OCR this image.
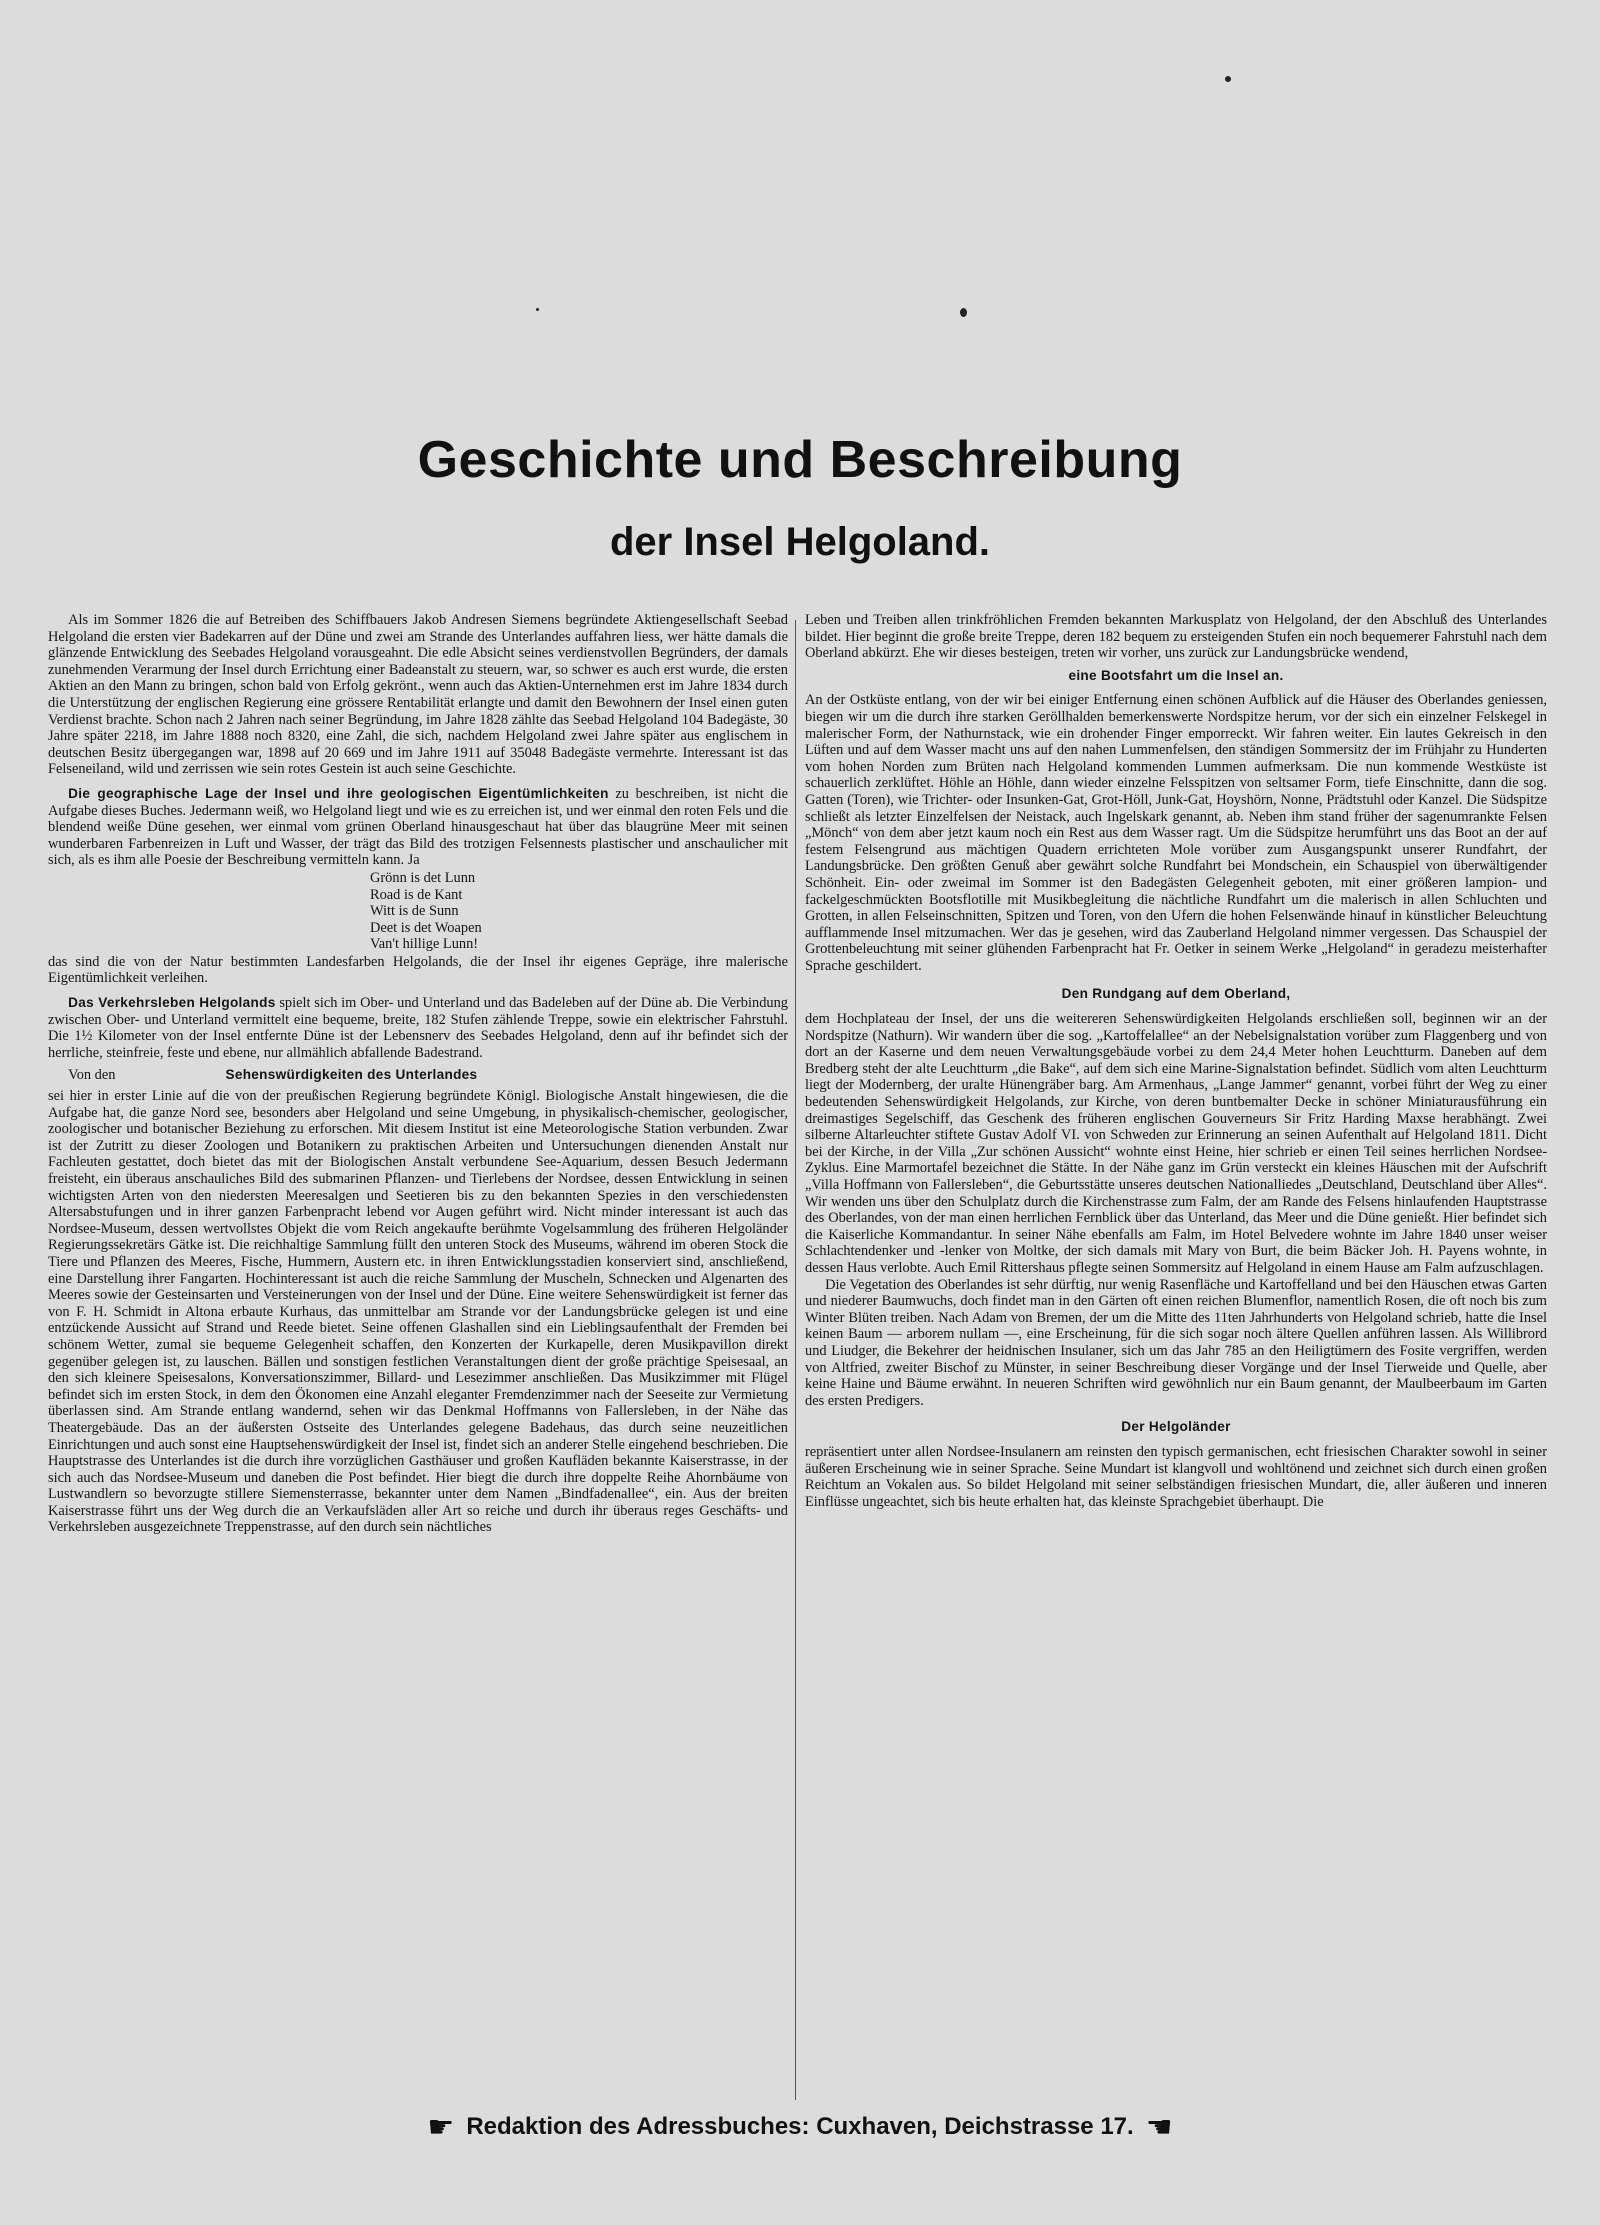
Geschichte und Beschreibung
der Insel Helgoland.

Als im Sommer 1826 die auf Betreiben des Schiffbauers Jakob Andresen Siemens begründete Aktiengesellschaft Seebad Helgoland die ersten vier Badekarren auf der Düne und zwei am Strande des Unterlandes auffahren liess, wer hätte damals die glänzende Entwicklung des Seebades Helgoland vorausgeahnt. Die edle Absicht seines verdienstvollen Begründers, der damals zunehmenden Verarmung der Insel durch Errichtung einer Badeanstalt zu steuern, war, so schwer es auch erst wurde, die ersten Aktien an den Mann zu bringen, schon bald von Erfolg gekrönt., wenn auch das Aktien-Unternehmen erst im Jahre 1834 durch die Unterstützung der englischen Regierung eine grössere Rentabilität erlangte und damit den Bewohnern der Insel einen guten Verdienst brachte. Schon nach 2 Jahren nach seiner Begründung, im Jahre 1828 zählte das Seebad Helgoland 104 Badegäste, 30 Jahre später 2218, im Jahre 1888 noch 8320, eine Zahl, die sich, nachdem Helgoland zwei Jahre später aus englischem in deutschen Besitz übergegangen war, 1898 auf 20 669 und im Jahre 1911 auf 35048 Badegäste vermehrte. Interessant ist das Felseneiland, wild und zerrissen wie sein rotes Gestein ist auch seine Geschichte.

Die geographische Lage der Insel und ihre geologischen Eigentümlichkeiten zu beschreiben, ist nicht die Aufgabe dieses Buches. Jedermann weiß, wo Helgoland liegt und wie es zu erreichen ist, und wer einmal den roten Fels und die blendend weiße Düne gesehen, wer einmal vom grünen Oberland hinausgeschaut hat über das blaugrüne Meer mit seinen wunderbaren Farbenreizen in Luft und Wasser, der trägt das Bild des trotzigen Felsennests plastischer und anschaulicher mit sich, als es ihm alle Poesie der Beschreibung vermitteln kann. Ja

Grönn is det Lunn
Road is de Kant
Witt is de Sunn
Deet is det Woapen
Van't hillige Lunn!

das sind die von der Natur bestimmten Landesfarben Helgolands, die der Insel ihr eigenes Gepräge, ihre malerische Eigentümlichkeit verleihen.

Das Verkehrsleben Helgolands spielt sich im Ober- und Unterland und das Badeleben auf der Düne ab. Die Verbindung zwischen Ober- und Unterland vermittelt eine bequeme, breite, 182 Stufen zählende Treppe, sowie ein elektrischer Fahrstuhl. Die 1½ Kilometer von der Insel entfernte Düne ist der Lebensnerv des Seebades Helgoland, denn auf ihr befindet sich der herrliche, steinfreie, feste und ebene, nur allmählich abfallende Badestrand.

Von den	Sehenswürdigkeiten des Unterlandes

sei hier in erster Linie auf die von der preußischen Regierung begründete Königl. Biologische Anstalt hingewiesen, die die Aufgabe hat, die ganze Nord see, besonders aber Helgoland und seine Umgebung, in physikalisch-chemischer, geologischer, zoologischer und botanischer Beziehung zu erforschen. Mit diesem Institut ist eine Meteorologische Station verbunden. Zwar ist der Zutritt zu dieser Zoologen und Botanikern zu praktischen Arbeiten und Untersuchungen dienenden Anstalt nur Fachleuten gestattet, doch bietet das mit der Biologischen Anstalt verbundene See-Aquarium, dessen Besuch Jedermann freisteht, ein überaus anschauliches Bild des submarinen Pflanzen- und Tierlebens der Nordsee, dessen Entwicklung in seinen wichtigsten Arten von den niedersten Meeresalgen und Seetieren bis zu den bekannten Spezies in den verschiedensten Altersabstufungen und in ihrer ganzen Farbenpracht lebend vor Augen geführt wird. Nicht minder interessant ist auch das Nordsee-Museum, dessen wertvollstes Objekt die vom Reich angekaufte berühmte Vogelsammlung des früheren Helgoländer Regierungssekretärs Gätke ist. Die reichhaltige Sammlung füllt den unteren Stock des Museums, während im oberen Stock die Tiere und Pflanzen des Meeres, Fische, Hummern, Austern etc. in ihren Entwicklungsstadien konserviert sind, anschließend, eine Darstellung ihrer Fangarten. Hochinteressant ist auch die reiche Sammlung der Muscheln, Schnecken und Algenarten des Meeres sowie der Gesteinsarten und Versteinerungen von der Insel und der Düne. Eine weitere Sehenswürdigkeit ist ferner das von F. H. Schmidt in Altona erbaute Kurhaus, das unmittelbar am Strande vor der Landungsbrücke gelegen ist und eine entzückende Aussicht auf Strand und Reede bietet. Seine offenen Glashallen sind ein Lieblingsaufenthalt der Fremden bei schönem Wetter, zumal sie bequeme Gelegenheit schaffen, den Konzerten der Kurkapelle, deren Musikpavillon direkt gegenüber gelegen ist, zu lauschen. Bällen und sonstigen festlichen Veranstaltungen dient der große prächtige Speisesaal, an den sich kleinere Speisesalons, Konversationszimmer, Billard- und Lesezimmer anschließen. Das Musikzimmer mit Flügel befindet sich im ersten Stock, in dem den Ökonomen eine Anzahl eleganter Fremdenzimmer nach der Seeseite zur Vermietung überlassen sind. Am Strande entlang wandernd, sehen wir das Denkmal Hoffmanns von Fallersleben, in der Nähe das Theatergebäude. Das an der äußersten Ostseite des Unterlandes gelegene Badehaus, das durch seine neuzeitlichen Einrichtungen und auch sonst eine Hauptsehenswürdigkeit der Insel ist, findet sich an anderer Stelle eingehend beschrieben. Die Hauptstrasse des Unterlandes ist die durch ihre vorzüglichen Gasthäuser und großen Kaufläden bekannte Kaiserstrasse, in der sich auch das Nordsee-Museum und daneben die Post befindet. Hier biegt die durch ihre doppelte Reihe Ahornbäume von Lustwandlern so bevorzugte stillere Siemensterrasse, bekannter unter dem Namen „Bindfadenallee“, ein. Aus der breiten Kaiserstrasse führt uns der Weg durch die an Verkaufsläden aller Art so reiche und durch ihr überaus reges Geschäfts- und Verkehrsleben ausgezeichnete Treppenstrasse, auf den durch sein nächtliches

Leben und Treiben allen trinkfröhlichen Fremden bekannten Markusplatz von Helgoland, der den Abschluß des Unterlandes bildet. Hier beginnt die große breite Treppe, deren 182 bequem zu ersteigenden Stufen ein noch bequemerer Fahrstuhl nach dem Oberland abkürzt. Ehe wir dieses besteigen, treten wir vorher, uns zurück zur Landungsbrücke wendend,

eine Bootsfahrt um die Insel an.

An der Ostküste entlang, von der wir bei einiger Entfernung einen schönen Aufblick auf die Häuser des Oberlandes geniessen, biegen wir um die durch ihre starken Geröllhalden bemerkenswerte Nordspitze herum, vor der sich ein einzelner Felskegel in malerischer Form, der Nathurnstack, wie ein drohender Finger emporreckt. Wir fahren weiter. Ein lautes Gekreisch in den Lüften und auf dem Wasser macht uns auf den nahen Lummenfelsen, den ständigen Sommersitz der im Frühjahr zu Hunderten vom hohen Norden zum Brüten nach Helgoland kommenden Lummen aufmerksam. Die nun kommende Westküste ist schauerlich zerklüftet. Höhle an Höhle, dann wieder einzelne Felsspitzen von seltsamer Form, tiefe Einschnitte, dann die sog. Gatten (Toren), wie Trichter- oder Insunken-Gat, Grot-Höll, Junk-Gat, Hoyshörn, Nonne, Prädtstuhl oder Kanzel. Die Südspitze schließt als letzter Einzelfelsen der Neistack, auch Ingelskark genannt, ab. Neben ihm stand früher der sagenumrankte Felsen „Mönch“ von dem aber jetzt kaum noch ein Rest aus dem Wasser ragt. Um die Südspitze herumführt uns das Boot an der auf festem Felsengrund aus mächtigen Quadern errichteten Mole vorüber zum Ausgangspunkt unserer Rundfahrt, der Landungsbrücke. Den größten Genuß aber gewährt solche Rundfahrt bei Mondschein, ein Schauspiel von überwältigender Schönheit. Ein- oder zweimal im Sommer ist den Badegästen Gelegenheit geboten, mit einer größeren lampion- und fackelgeschmückten Bootsflotille mit Musikbegleitung die nächtliche Rundfahrt um die malerisch in allen Schluchten und Grotten, in allen Felseinschnitten, Spitzen und Toren, von den Ufern die hohen Felsenwände hinauf in künstlicher Beleuchtung aufflammende Insel mitzumachen. Wer das je gesehen, wird das Zauberland Helgoland nimmer vergessen. Das Schauspiel der Grottenbeleuchtung mit seiner glühenden Farbenpracht hat Fr. Oetker in seinem Werke „Helgoland“ in geradezu meisterhafter Sprache geschildert.

Den Rundgang auf dem Oberland,

dem Hochplateau der Insel, der uns die weitereren Sehenswürdigkeiten Helgolands erschließen soll, beginnen wir an der Nordspitze (Nathurn). Wir wandern über die sog. „Kartoffelallee“ an der Nebelsignalstation vorüber zum Flaggenberg und von dort an der Kaserne und dem neuen Verwaltungsgebäude vorbei zu dem 24,4 Meter hohen Leuchtturm. Daneben auf dem Bredberg steht der alte Leuchtturm „die Bake“, auf dem sich eine Marine-Signalstation befindet. Südlich vom alten Leuchtturm liegt der Modernberg, der uralte Hünengräber barg. Am Armenhaus, „Lange Jammer“ genannt, vorbei führt der Weg zu einer bedeutenden Sehenswürdigkeit Helgolands, zur Kirche, von deren buntbemalter Decke in schöner Miniaturausführung ein dreimastiges Segelschiff, das Geschenk des früheren englischen Gouverneurs Sir Fritz Harding Maxse herabhängt. Zwei silberne Altarleuchter stiftete Gustav Adolf VI. von Schweden zur Erinnerung an seinen Aufenthalt auf Helgoland 1811. Dicht bei der Kirche, in der Villa „Zur schönen Aussicht“ wohnte einst Heine, hier schrieb er einen Teil seines herrlichen Nordsee-Zyklus. Eine Marmortafel bezeichnet die Stätte. In der Nähe ganz im Grün versteckt ein kleines Häuschen mit der Aufschrift „Villa Hoffmann von Fallersleben“, die Geburtsstätte unseres deutschen Nationalliedes „Deutschland, Deutschland über Alles“. Wir wenden uns über den Schulplatz durch die Kirchenstrasse zum Falm, der am Rande des Felsens hinlaufenden Hauptstrasse des Oberlandes, von der man einen herrlichen Fernblick über das Unterland, das Meer und die Düne genießt. Hier befindet sich die Kaiserliche Kommandantur. In seiner Nähe ebenfalls am Falm, im Hotel Belvedere wohnte im Jahre 1840 unser weiser Schlachtendenker und -lenker von Moltke, der sich damals mit Mary von Burt, die beim Bäcker Joh. H. Payens wohnte, in dessen Haus verlobte. Auch Emil Rittershaus pflegte seinen Sommersitz auf Helgoland in einem Hause am Falm aufzuschlagen.

Die Vegetation des Oberlandes ist sehr dürftig, nur wenig Rasenfläche und Kartoffelland und bei den Häuschen etwas Garten und niederer Baumwuchs, doch findet man in den Gärten oft einen reichen Blumenflor, namentlich Rosen, die oft noch bis zum Winter Blüten treiben. Nach Adam von Bremen, der um die Mitte des 11ten Jahrhunderts von Helgoland schrieb, hatte die Insel keinen Baum — arborem nullam —, eine Erscheinung, für die sich sogar noch ältere Quellen anführen lassen. Als Willibrord und Liudger, die Bekehrer der heidnischen Insulaner, sich um das Jahr 785 an den Heiligtümern des Fosite vergriffen, werden von Altfried, zweiter Bischof zu Münster, in seiner Beschreibung dieser Vorgänge und der Insel Tierweide und Quelle, aber keine Haine und Bäume erwähnt. In neueren Schriften wird gewöhnlich nur ein Baum genannt, der Maulbeerbaum im Garten des ersten Predigers.

Der Helgoländer

repräsentiert unter allen Nordsee-Insulanern am reinsten den typisch germanischen, echt friesischen Charakter sowohl in seiner äußeren Erscheinung wie in seiner Sprache. Seine Mundart ist klangvoll und wohltönend und zeichnet sich durch einen großen Reichtum an Vokalen aus. So bildet Helgoland mit seiner selbständigen friesischen Mundart, die, aller äußeren und inneren Einflüsse ungeachtet, sich bis heute erhalten hat, das kleinste Sprachgebiet überhaupt. Die

☛ Redaktion des Adressbuches: Cuxhaven, Deichstrasse 17. ☚
